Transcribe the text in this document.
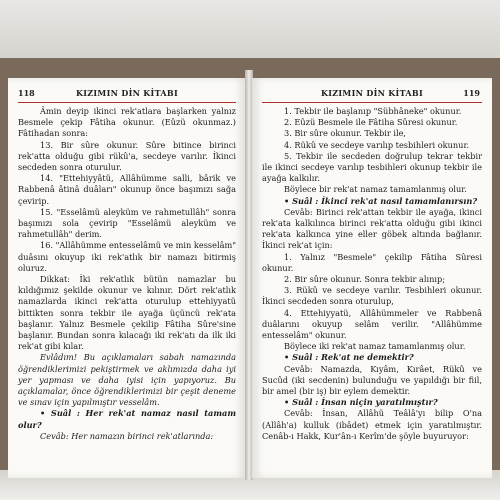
118	KIZIMIN DİN KİTABI

Âmin deyip ikinci rek'atlara başlarken yalnız Besmele çekip Fâtiha okunur. (Eûzü okunmaz.) Fâtihadan sonra:

13. Bir sûre okunur. Sûre bitince birinci rek'atta olduğu gibi rükû'a, secdeye varılır. İkinci secdeden sonra oturulur.

14. "Ettehiyyâtü, Allâhümme salli, bârik ve Rabbenâ âtinâ duâları" okunup önce başımızı sağa çevirip.

15. "Esselâmü aleyküm ve rahmetullâh" sonra başımızı sola çevirip "Esselâmü aleyküm ve rahmetullâh" derim.

16. "Allâhümme entesselâmü ve min kesselâm" duâsını okuyup iki rek'atlık bir namazı bitirmiş oluruz.

Dikkat: İki rek'atlık bütün namazlar bu kıldığımız şekilde okunur ve kılınır. Dört rek'atlık namazlarda ikinci rek'atta oturulup ettehiyyatü bittikten sonra tekbir ile ayağa üçüncü rek'ata başlanır. Yalnız Besmele çekilip Fâtiha Sûre'sine başlanır. Bundan sonra kılacağı iki rek'atı da ilk iki rek'at gibi kılar.

Evlâdım! Bu açıklamaları sabah namazında öğrendiklerimizi pekiştirmek ve aklımızda daha iyi yer yapması ve daha iyisi için yapıyoruz. Bu açıklamalar, önce öğrendiklerimizi bir çeşit deneme ve sınav için yapılmıştır vesselâm.

• Suâl : Her rek'at namaz nasıl tamam olur?

Cevâb: Her namazın birinci rek'atlarında:

KIZIMIN DİN KİTABI	119

1. Tekbir ile başlanıp "Sübhâneke" okunur.

2. Eûzü Besmele ile Fâtiha Sûresi okunur.

3. Bir sûre okunur. Tekbir ile,

4. Rükû ve secdeye varılıp tesbihleri okunur.

5. Tekbir ile secdeden doğrulup tekrar tekbir ile ikinci secdeye varılıp tesbihleri okunup tekbir ile ayağa kalkılır.

Böylece bir rek'at namaz tamamlanmış olur.

• Suâl : İkinci rek'at nasıl tamamlanırsın?

Cevâb: Birinci rek'attan tekbir ile ayağa, ikinci rek'ata kalkılınca birinci rek'atta olduğu gibi ikinci rek'ata kalkınca yine eller göbek altında bağlanır. İkinci rek'at için:

1. Yalnız "Besmele" çekilip Fâtiha Sûresi okunur.

2. Bir sûre okunur. Sonra tekbir alınıp;

3. Rükû ve secdeye varılır. Tesbihleri okunur. İkinci secdeden sonra oturulup,

4. Ettehiyyatü, Allâhümmeler ve Rabbenâ duâlarını okuyup selâm verilir. "Allâhümme entesselâm" okunur.

Böylece iki rek'at namaz tamamlanmış olur.

• Suâl : Rek'at ne demektir?

Cevâb: Namazda, Kıyâm, Kırâet, Rükû ve Sucûd (iki secdenin) bulunduğu ve yapıldığı bir fiil, bir amel (bir iş) bir eylem demektir.

• Suâl : İnsan niçin yaratılmıştır?

Cevâb: İnsan, Allâhü Teâlâ'yı bilip O'na (Allâh'a) kulluk (ibâdet) etmek için yaratılmıştır. Cenâb-ı Hakk, Kur'ân-ı Kerîm'de şöyle buyuruyor:
